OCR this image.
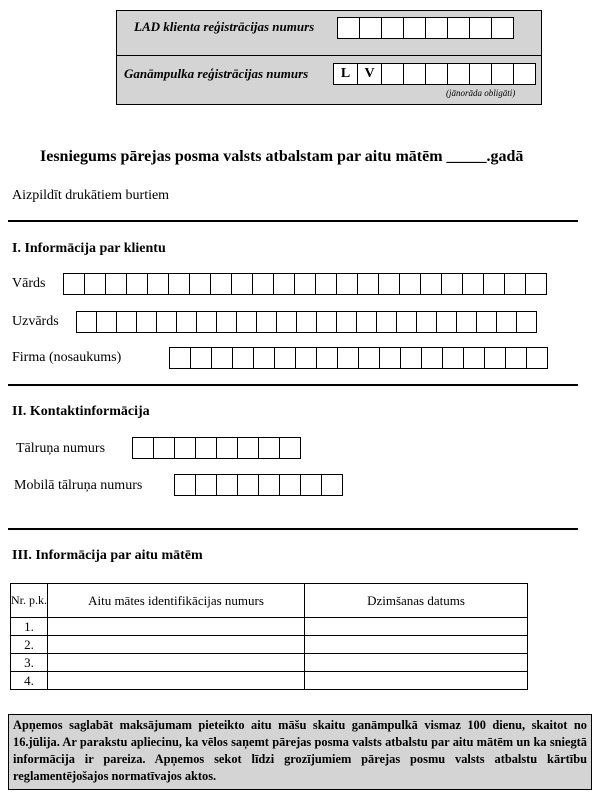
LAD klienta reģistrācijas numurs
Ganāmpulka reģistrācijas numurs	L	V
(jānorāda obligāti)
Iesniegums pārejas posma valsts atbalstam par aitu mātēm _____.gadā
Aizpildīt drukātiem burtiem
I. Informācija par klientu
Vārds
Uzvārds
Firma (nosaukums)
II. Kontaktinformācija
Tālruņa numurs
Mobilā tālruņa numurs
III. Informācija par aitu mātēm
Nr. p.k.	Aitu mātes identifikācijas numurs	Dzimšanas datums
1.		
2.		
3.		
4.		
Apņemos saglabāt maksājumam pieteikto aitu māšu skaitu ganāmpulkā vismaz 100 dienu, skaitot no 16.jūlija. Ar parakstu apliecinu, ka vēlos saņemt pārejas posma valsts atbalstu par aitu mātēm un ka sniegtā informācija ir pareiza. Apņemos sekot līdzi grozījumiem pārejas posmu valsts atbalstu kārtību reglamentējošajos normatīvajos aktos.
